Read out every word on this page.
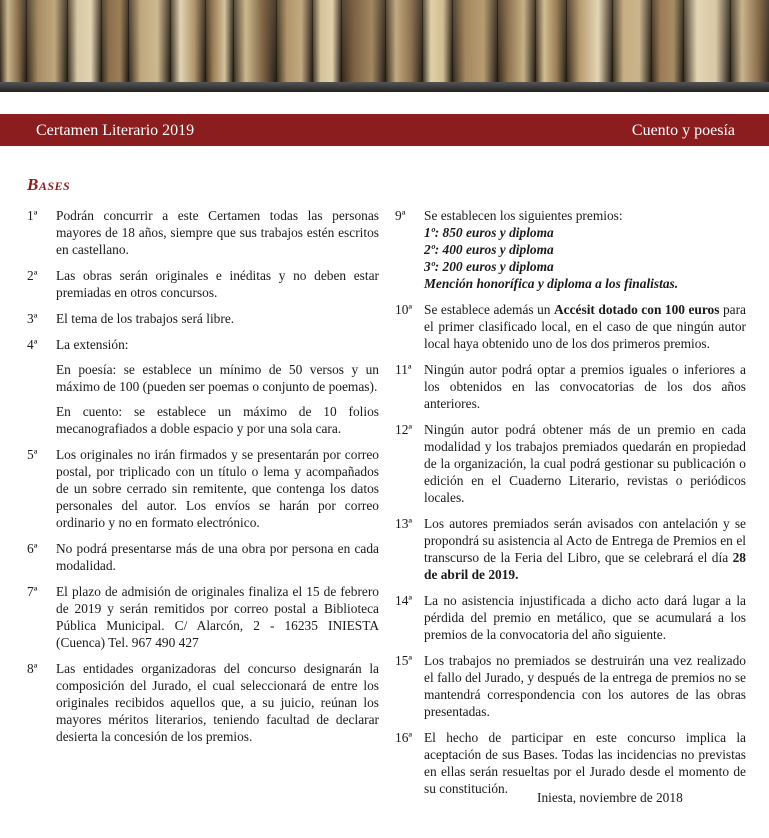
Certamen Literario 2019	Cuento y poesía
Bases
1ª Podrán concurrir a este Certamen todas las personas mayores de 18 años, siempre que sus trabajos estén escritos en castellano.

2ª Las obras serán originales e inéditas y no deben estar premiadas en otros concursos.

3ª El tema de los trabajos será libre.

4ª La extensión:

En poesía: se establece un mínimo de 50 versos y un máximo de 100 (pueden ser poemas o conjunto de poemas).

En cuento: se establece un máximo de 10 folios mecanografiados a doble espacio y por una sola cara.

5ª Los originales no irán firmados y se presentarán por correo postal, por triplicado con un título o lema y acompañados de un sobre cerrado sin remitente, que contenga los datos personales del autor. Los envíos se harán por correo ordinario y no en formato electrónico.

6ª No podrá presentarse más de una obra por persona en cada modalidad.

7ª El plazo de admisión de originales finaliza el 15 de febrero de 2019 y serán remitidos por correo postal a Biblioteca Pública Municipal. C/ Alarcón, 2 - 16235 INIESTA (Cuenca) Tel. 967 490 427

8ª Las entidades organizadoras del concurso designarán la composición del Jurado, el cual seleccionará de entre los originales recibidos aquellos que, a su juicio, reúnan los mayores méritos literarios, teniendo facultad de declarar desierta la concesión de los premios.

9ª Se establecen los siguientes premios:
1º: 850 euros y diploma
2º: 400 euros y diploma
3º: 200 euros y diploma
Mención honorífica y diploma a los finalistas.
10ª Se establece además un Accésit dotado con 100 euros para el primer clasificado local, en el caso de que ningún autor local haya obtenido uno de los dos primeros premios.
11ª Ningún autor podrá optar a premios iguales o inferiores a los obtenidos en las convocatorias de los dos años anteriores.

12ª Ningún autor podrá obtener más de un premio en cada modalidad y los trabajos premiados quedarán en propiedad de la organización, la cual podrá gestionar su publicación o edición en el Cuaderno Literario, revistas o periódicos locales.

13ª Los autores premiados serán avisados con antelación y se propondrá su asistencia al Acto de Entrega de Premios en el transcurso de la Feria del Libro, que se celebrará el día 28 de abril de 2019.
14ª La no asistencia injustificada a dicho acto dará lugar a la pérdida del premio en metálico, que se acumulará a los premios de la convocatoria del año siguiente.

15ª Los trabajos no premiados se destruirán una vez realizado el fallo del Jurado, y después de la entrega de premios no se mantendrá correspondencia con los autores de las obras presentadas.

16ª El hecho de participar en este concurso implica la aceptación de sus Bases. Todas las incidencias no previstas en ellas serán resueltas por el Jurado desde el momento de su constitución.

Iniesta, noviembre de 2018
